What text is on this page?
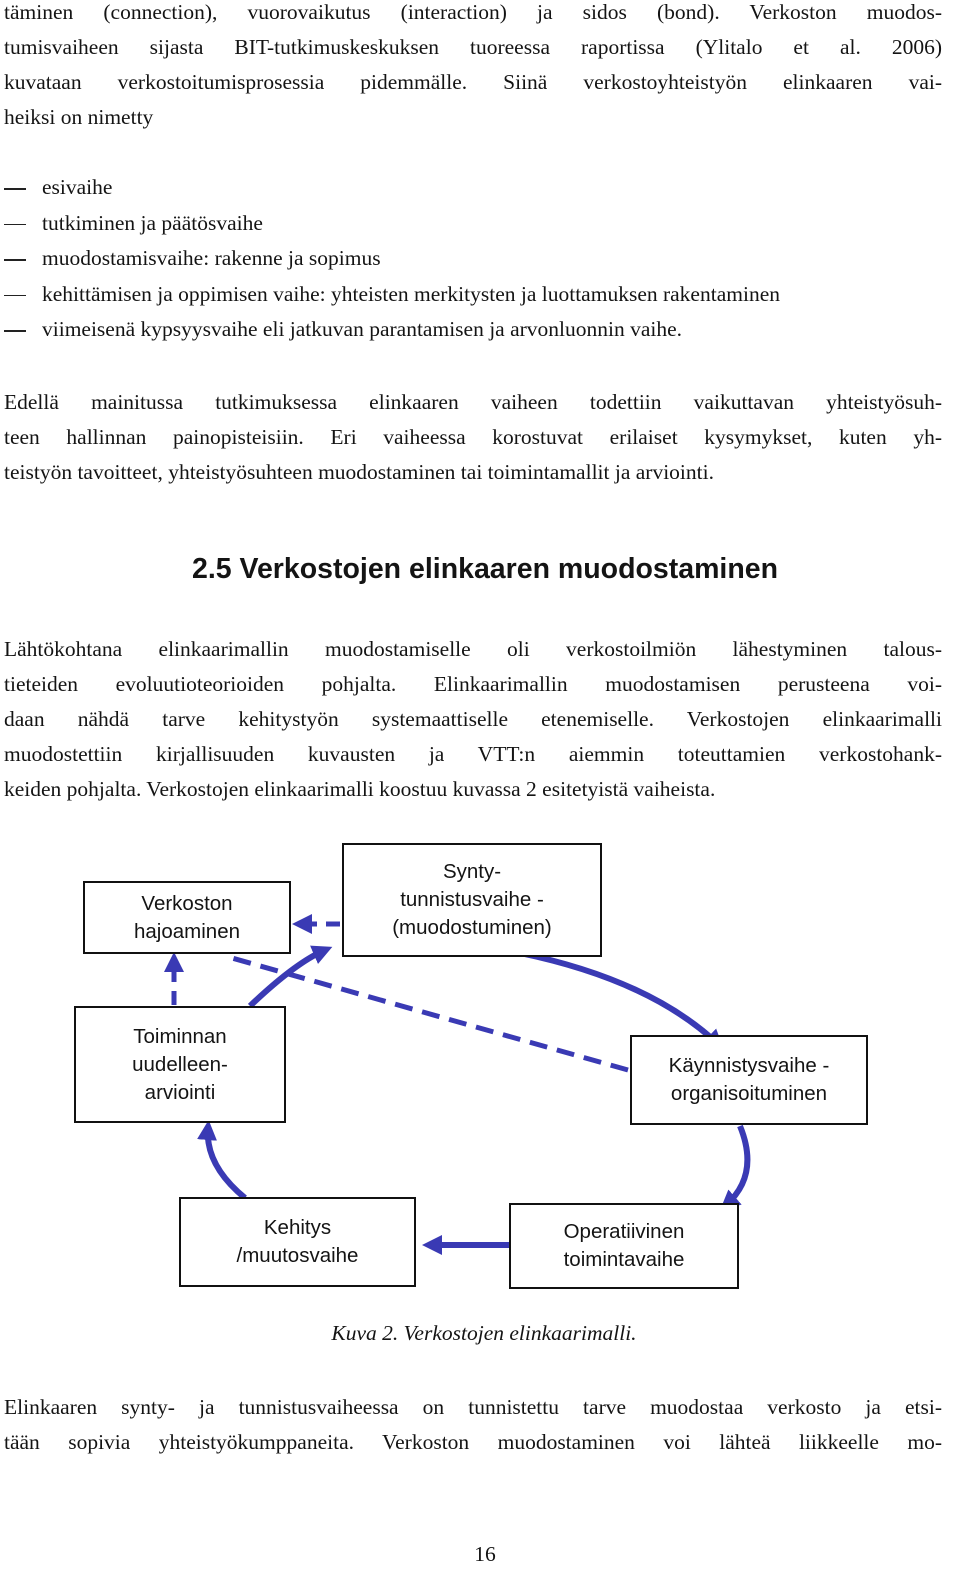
täminen (connection), vuorovaikutus (interaction) ja sidos (bond). Verkoston muodos-
tumisvaiheen sijasta BIT-tutkimuskeskuksen tuoreessa raportissa (Ylitalo et al. 2006)
kuvataan verkostoitumisprosessia pidemmälle. Siinä verkostoyhteistyön elinkaaren vai-
heiksi on nimetty
esivaihe
tutkiminen ja päätösvaihe
muodostamisvaihe: rakenne ja sopimus
kehittämisen ja oppimisen vaihe: yhteisten merkitysten ja luottamuksen rakentaminen
viimeisenä kypsyysvaihe eli jatkuvan parantamisen ja arvonluonnin vaihe.
Edellä mainitussa tutkimuksessa elinkaaren vaiheen todettiin vaikuttavan yhteistyösuh-
teen hallinnan painopisteisiin. Eri vaiheessa korostuvat erilaiset kysymykset, kuten yh-
teistyön tavoitteet, yhteistyösuhteen muodostaminen tai toimintamallit ja arviointi.
2.5 Verkostojen elinkaaren muodostaminen
Lähtökohtana elinkaarimallin muodostamiselle oli verkostoilmiön lähestyminen talous-
tieteiden evoluutioteorioiden pohjalta. Elinkaarimallin muodostamisen perusteena voi-
daan nähdä tarve kehitystyön systemaattiselle etenemiselle. Verkostojen elinkaarimalli
muodostettiin kirjallisuuden kuvausten ja VTT:n aiemmin toteuttamien verkostohank-
keiden pohjalta. Verkostojen elinkaarimalli koostuu kuvassa 2 esitetyistä vaiheista.
Synty-
tunnistusvaihe -
(muodostuminen)
Verkoston
hajoaminen
Toiminnan
uudelleen-
arviointi
Käynnistysvaihe -
organisoituminen
Kehitys
/muutosvaihe
Operatiivinen
toimintavaihe

Kuva 2. Verkostojen elinkaarimalli.

Elinkaaren synty- ja tunnistusvaiheessa on tunnistettu tarve muodostaa verkosto ja etsi-
tään sopivia yhteistyökumppaneita. Verkoston muodostaminen voi lähteä liikkeelle mo-

16
